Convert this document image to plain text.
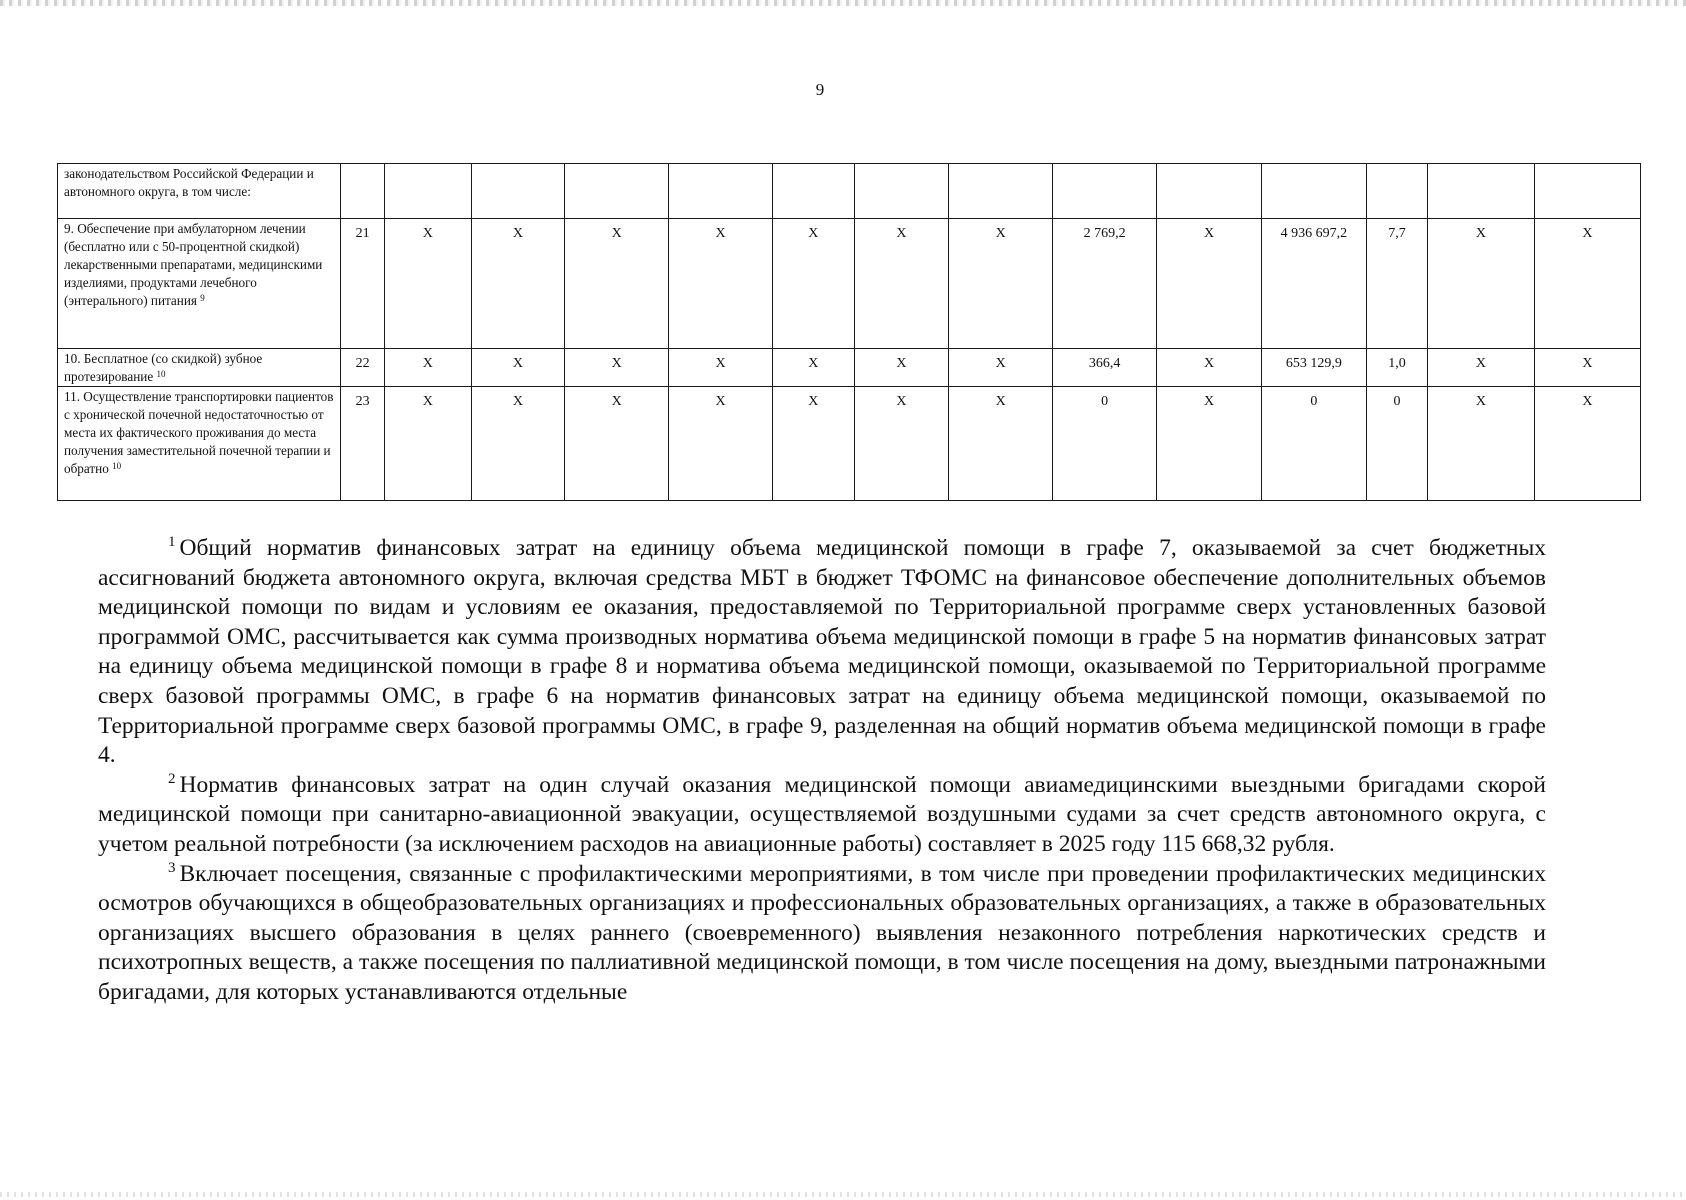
9
законодательством Российской Федерации и автономного округа, в том числе:														
9. Обеспечение при амбулаторном лечении (бесплатно или с 50-процентной скидкой) лекарственными препаратами, медицинскими изделиями, продуктами лечебного (энтерального) питания $^9$	21	X	X	X	X	X	X	X	2 769,2	X	4 936 697,2	7,7	X	X
10. Бесплатное (со скидкой) зубное протезирование $^{10}$	22	X	X	X	X	X	X	X	366,4	X	653 129,9	1,0	X	X
11. Осуществление транспортировки пациентов с хронической почечной недостаточностью от места их фактического проживания до места получения заместительной почечной терапии и обратно $^{10}$	23	X	X	X	X	X	X	X	0	X	0	0	X	X

$^1$ Общий норматив финансовых затрат на единицу объема медицинской помощи в графе 7, оказываемой за счет бюджетных ассигнований бюджета автономного округа, включая средства МБТ в бюджет ТФОМС на финансовое обеспечение дополнительных объемов медицинской помощи по видам и условиям ее оказания, предоставляемой по Территориальной программе сверх установленных базовой программой ОМС, рассчитывается как сумма производных норматива объема медицинской помощи в графе 5 на норматив финансовых затрат на единицу объема медицинской помощи в графе 8 и норматива объема медицинской помощи, оказываемой по Территориальной программе сверх базовой программы ОМС, в графе 6 на норматив финансовых затрат на единицу объема медицинской помощи, оказываемой по Территориальной программе сверх базовой программы ОМС, в графе 9, разделенная на общий норматив объема медицинской помощи в графе 4.

$^2$ Норматив финансовых затрат на один случай оказания медицинской помощи авиамедицинскими выездными бригадами скорой медицинской помощи при санитарно-авиационной эвакуации, осуществляемой воздушными судами за счет средств автономного округа, с учетом реальной потребности (за исключением расходов на авиационные работы) составляет в 2025 году 115 668,32 рубля.

$^3$ Включает посещения, связанные с профилактическими мероприятиями, в том числе при проведении профилактических медицинских осмотров обучающихся в общеобразовательных организациях и профессиональных образовательных организациях, а также в образовательных организациях высшего образования в целях раннего (своевременного) выявления незаконного потребления наркотических средств и психотропных веществ, а также посещения по паллиативной медицинской помощи, в том числе посещения на дому, выездными патронажными бригадами, для которых устанавливаются отдельные
